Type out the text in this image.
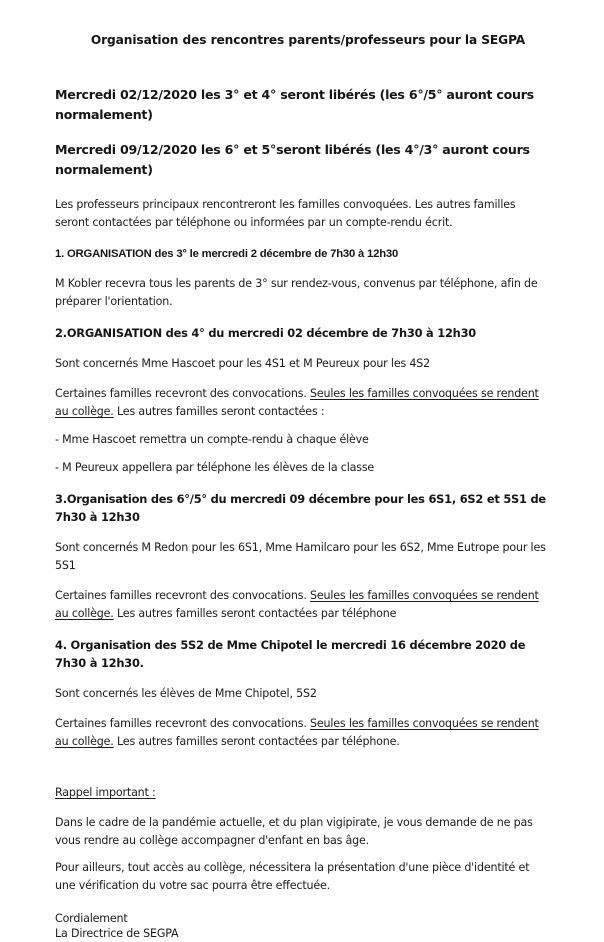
Organisation des rencontres parents/professeurs pour la SEGPA

Mercredi 02/12/2020 les 3° et 4° seront libérés (les 6°/5° auront cours normalement)

Mercredi 09/12/2020 les 6° et 5°seront libérés (les 4°/3° auront cours normalement)

Les professeurs principaux rencontreront les familles convoquées. Les autres familles seront contactées par téléphone ou informées par un compte-rendu écrit.

1. ORGANISATION des 3° le mercredi 2 décembre de 7h30 à 12h30

M Kobler recevra tous les parents de 3° sur rendez-vous, convenus par téléphone, afin de préparer l'orientation.

2.ORGANISATION des 4° du mercredi 02 décembre de 7h30 à 12h30

Sont concernés Mme Hascoet pour les 4S1 et M Peureux pour les 4S2

Certaines familles recevront des convocations. Seules les familles convoquées se rendent au collège. Les autres familles seront contactées :

- Mme Hascoet remettra un compte-rendu à chaque élève

- M Peureux appellera par téléphone les élèves de la classe

3.Organisation des 6°/5° du mercredi 09 décembre pour les 6S1, 6S2 et 5S1 de 7h30 à 12h30

Sont concernés M Redon pour les 6S1, Mme Hamilcaro pour les 6S2, Mme Eutrope pour les 5S1

Certaines familles recevront des convocations. Seules les familles convoquées se rendent au collège. Les autres familles seront contactées par téléphone

4. Organisation des 5S2 de Mme Chipotel le mercredi 16 décembre 2020 de 7h30 à 12h30.

Sont concernés les élèves de Mme Chipotel, 5S2

Certaines familles recevront des convocations. Seules les familles convoquées se rendent au collège. Les autres familles seront contactées par téléphone.

Rappel important :

Dans le cadre de la pandémie actuelle, et du plan vigipirate, je vous demande de ne pas vous rendre au collège accompagner d'enfant en bas âge.

Pour ailleurs, tout accès au collège, nécessitera la présentation d'une pièce d'identité et une vérification du votre sac pourra être effectuée.

Cordialement

La Directrice de SEGPA
